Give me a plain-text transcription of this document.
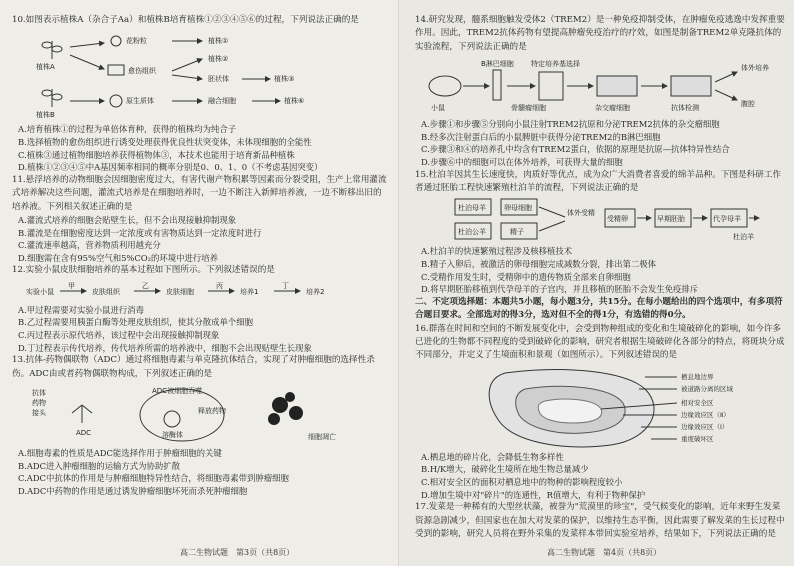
10.如图表示植株A（杂合子Aa）和植株B培育植株①②③④⑤⑥的过程，下列说法正确的是

植株A
花粉粒
愈伤组织
植株①
植株②
胚状体	植株③
植株B
原生质体	融合细胞	植株⑥

A.培育植株①的过程为单倍体育种，获得的植株均为纯合子

B.选择植物的愈伤组织进行诱变处理获得优良性状突变体，未体现细胞的全能性

C.植株③通过植物细胞培养获得植物体③，本技术也能用于培育新品种植株

D.植株①②③④⑤中A基因频率相同的概率分别是0、0、1、0（不考虑基因突变）

11.悬浮培养的动物细胞会因细胞密度过大，有害代谢产物积累等因素而分裂受阻，生产上常用灌流式培养解决这些问题，灌流式培养是在细胞培养时，一边不断注入新鲜培养液，一边不断移出旧的培养液。下列相关叙述正确的是

A.灌流式培养的细胞会贴壁生长，但不会出现接触抑制现象

B.灌流是在细胞密度达到一定浓度或有害物质达到一定浓度时进行

C.灌流速率越高，营养物质利用越充分

D.细胞需在含有95%空气和5%CO₂的环境中进行培养

12.实验小鼠皮肤细胞培养的基本过程如下图所示。下列叙述错误的是

实验小鼠
甲
皮肤组织
乙
皮肤细胞
丙
培养1
丁
培养2

A.甲过程需要对实验小鼠进行消毒

B.乙过程需要用胰蛋白酶等处理皮肤组织，使其分散成单个细胞

C.丙过程表示原代培养，该过程中会出现接触抑制现象

D.丁过程表示传代培养，传代培养所需的培养液中，细胞不会出现贴壁生长现象

13.抗体-药物偶联物（ADC）通过将细胞毒素与单克隆抗体结合，实现了对肿瘤细胞的选择性杀伤。ADC由或者药物偶联物构成，下列叙述正确的是

抗体
药物
接头
ADC
ADC被细胞吞噬
溶酶体
释放药物
细胞凋亡

A.细胞毒素的性质是ADC能选择作用于肿瘤细胞的关键

B.ADC进入肿瘤细胞的运输方式为协助扩散

C.ADC中抗体的作用是与肿瘤细胞特异性结合，将细胞毒素带到肿瘤细胞

D.ADC中药物的作用是通过诱发肿瘤细胞坏死而杀死肿瘤细胞

高二生物试题　第3页（共8页）

14.研究发现，髓系细胞触发受体2（TREM2）是一种免疫抑制受体，在肿瘤免疫逃逸中发挥重要作用。因此，TREM2抗体药物有望提高肿瘤免疫治疗的疗效，如图是制备TREM2单克隆抗体的实验流程，下列说法正确的是

小鼠
B淋巴细胞
骨髓瘤细胞
特定培养基选择
杂交瘤细胞	抗体检测
体外培养
腹腔

A.步骤①和步骤⑤分别向小鼠注射TREM2抗原和分泌TREM2抗体的杂交瘤细胞

B.经多次注射蛋白后的小鼠脾脏中获得分泌TREM2的B淋巴细胞

C.步骤③和④的培养孔中均含有TREM2蛋白，依据的原理是抗原—抗体特异性结合

D.步骤⑥中的细胞可以在体外培养，可获得大量的细胞

15.杜泊羊因其生长速度快，肉质好等优点，成为众广大消费者喜爱的绵羊品种。下图是科研工作者通过胚胎工程快速繁殖杜泊羊的流程，下列说法正确的是

杜泊母羊	卵母细胞
杜泊公羊	精子
体外受精
受精卵	早期胚胎	代孕母羊
杜泊羊

A.杜泊羊的快速繁殖过程涉及核移植技术

B.精子入卵后，被激活的卵母细胞完成减数分裂，排出第二极体

C.受精作用发生时，受精卵中的遗传物质全部来自卵细胞

D.将早期胚胎移植到代孕母羊的子宫内，并且移植的胚胎不会发生免疫排斥

二、不定项选择题：本题共5小题，每小题3分，共15分。在每小题给出的四个选项中，有多项符合题目要求。全部选对的得3分，选对但不全的得1分，有选错的得0分。

16.群落在时间和空间的不断发展变化中，会受到物种组成的变化和生境破碎化的影响，如今许多已进化的生物都不同程度的受到破碎化的影响，研究者根据生境破碎化各部分的特点，将斑块分成不同部分，并定义了生境面积和景观（如图所示）。下列叙述错误的是

栖息地边界
被道路分离的区域
相对安全区
边缘效应区（Ⅱ）
边缘效应区（Ⅰ）
重度破坏区

A.栖息地的碎片化，会降低生物多样性

B.H/K增大，破碎化生境所在地生物总量减少

C.相对安全区的面积对栖息地中的物种的影响程度较小

D.增加生境中对"碎片"的连通性，R值增大，有利于物种保护

17.发菜是一种稀有的大型丝状藻，被誉为"荒漠里的珍宝"，受气候变化的影响，近年来野生发菜资源急剧减少，但国家也在加大对发菜的保护，以维持生态平衡，因此需要了解发菜的生长过程中受到的影响，研究人员将在野外采集的发菜样本带回实验室培养，结果如下，下列说法正确的是

高二生物试题　第4页（共8页）
